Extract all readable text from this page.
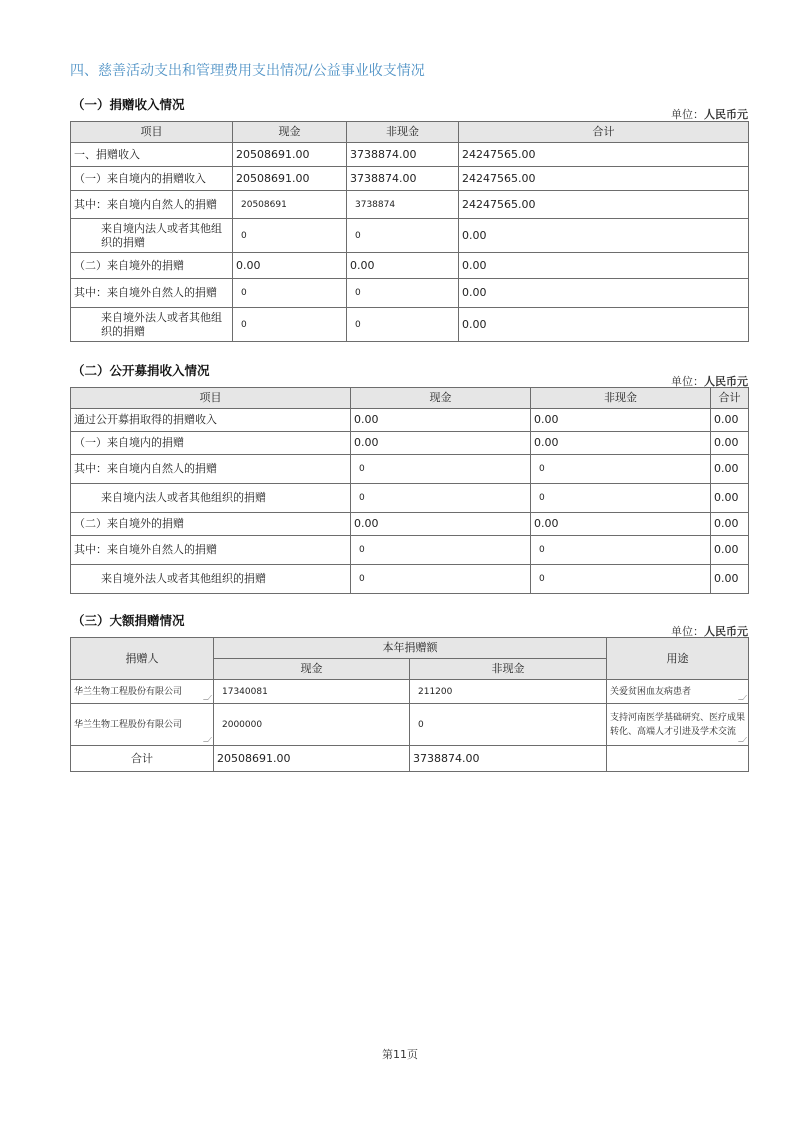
四、慈善活动支出和管理费用支出情况/公益事业收支情况
（一）捐赠收入情况
单位：人民币元
项目	现金	非现金	合计
一、捐赠收入	20508691.00	3738874.00	24247565.00
（一）来自境内的捐赠收入	20508691.00	3738874.00	24247565.00
其中：来自境内自然人的捐赠	20508691	3738874	24247565.00
来自境内法人或者其他组织的捐赠	0	0	0.00
（二）来自境外的捐赠	0.00	0.00	0.00
其中：来自境外自然人的捐赠	0	0	0.00
来自境外法人或者其他组织的捐赠	0	0	0.00
（二）公开募捐收入情况
单位：人民币元
项目	现金	非现金	合计
通过公开募捐取得的捐赠收入	0.00	0.00	0.00
（一）来自境内的捐赠	0.00	0.00	0.00
其中：来自境内自然人的捐赠	0	0	0.00
来自境内法人或者其他组织的捐赠	0	0	0.00
（二）来自境外的捐赠	0.00	0.00	0.00
其中：来自境外自然人的捐赠	0	0	0.00
来自境外法人或者其他组织的捐赠	0	0	0.00
（三）大额捐赠情况
单位：人民币元
捐赠人	本年捐赠额		用途
	现金	非现金	
华兰生物工程股份有限公司	17340081	211200	关爱贫困血友病患者
华兰生物工程股份有限公司	2000000	0	支持河南医学基础研究、医疗成果转化、高端人才引进及学术交流
合计	20508691.00	3738874.00	
第11页
